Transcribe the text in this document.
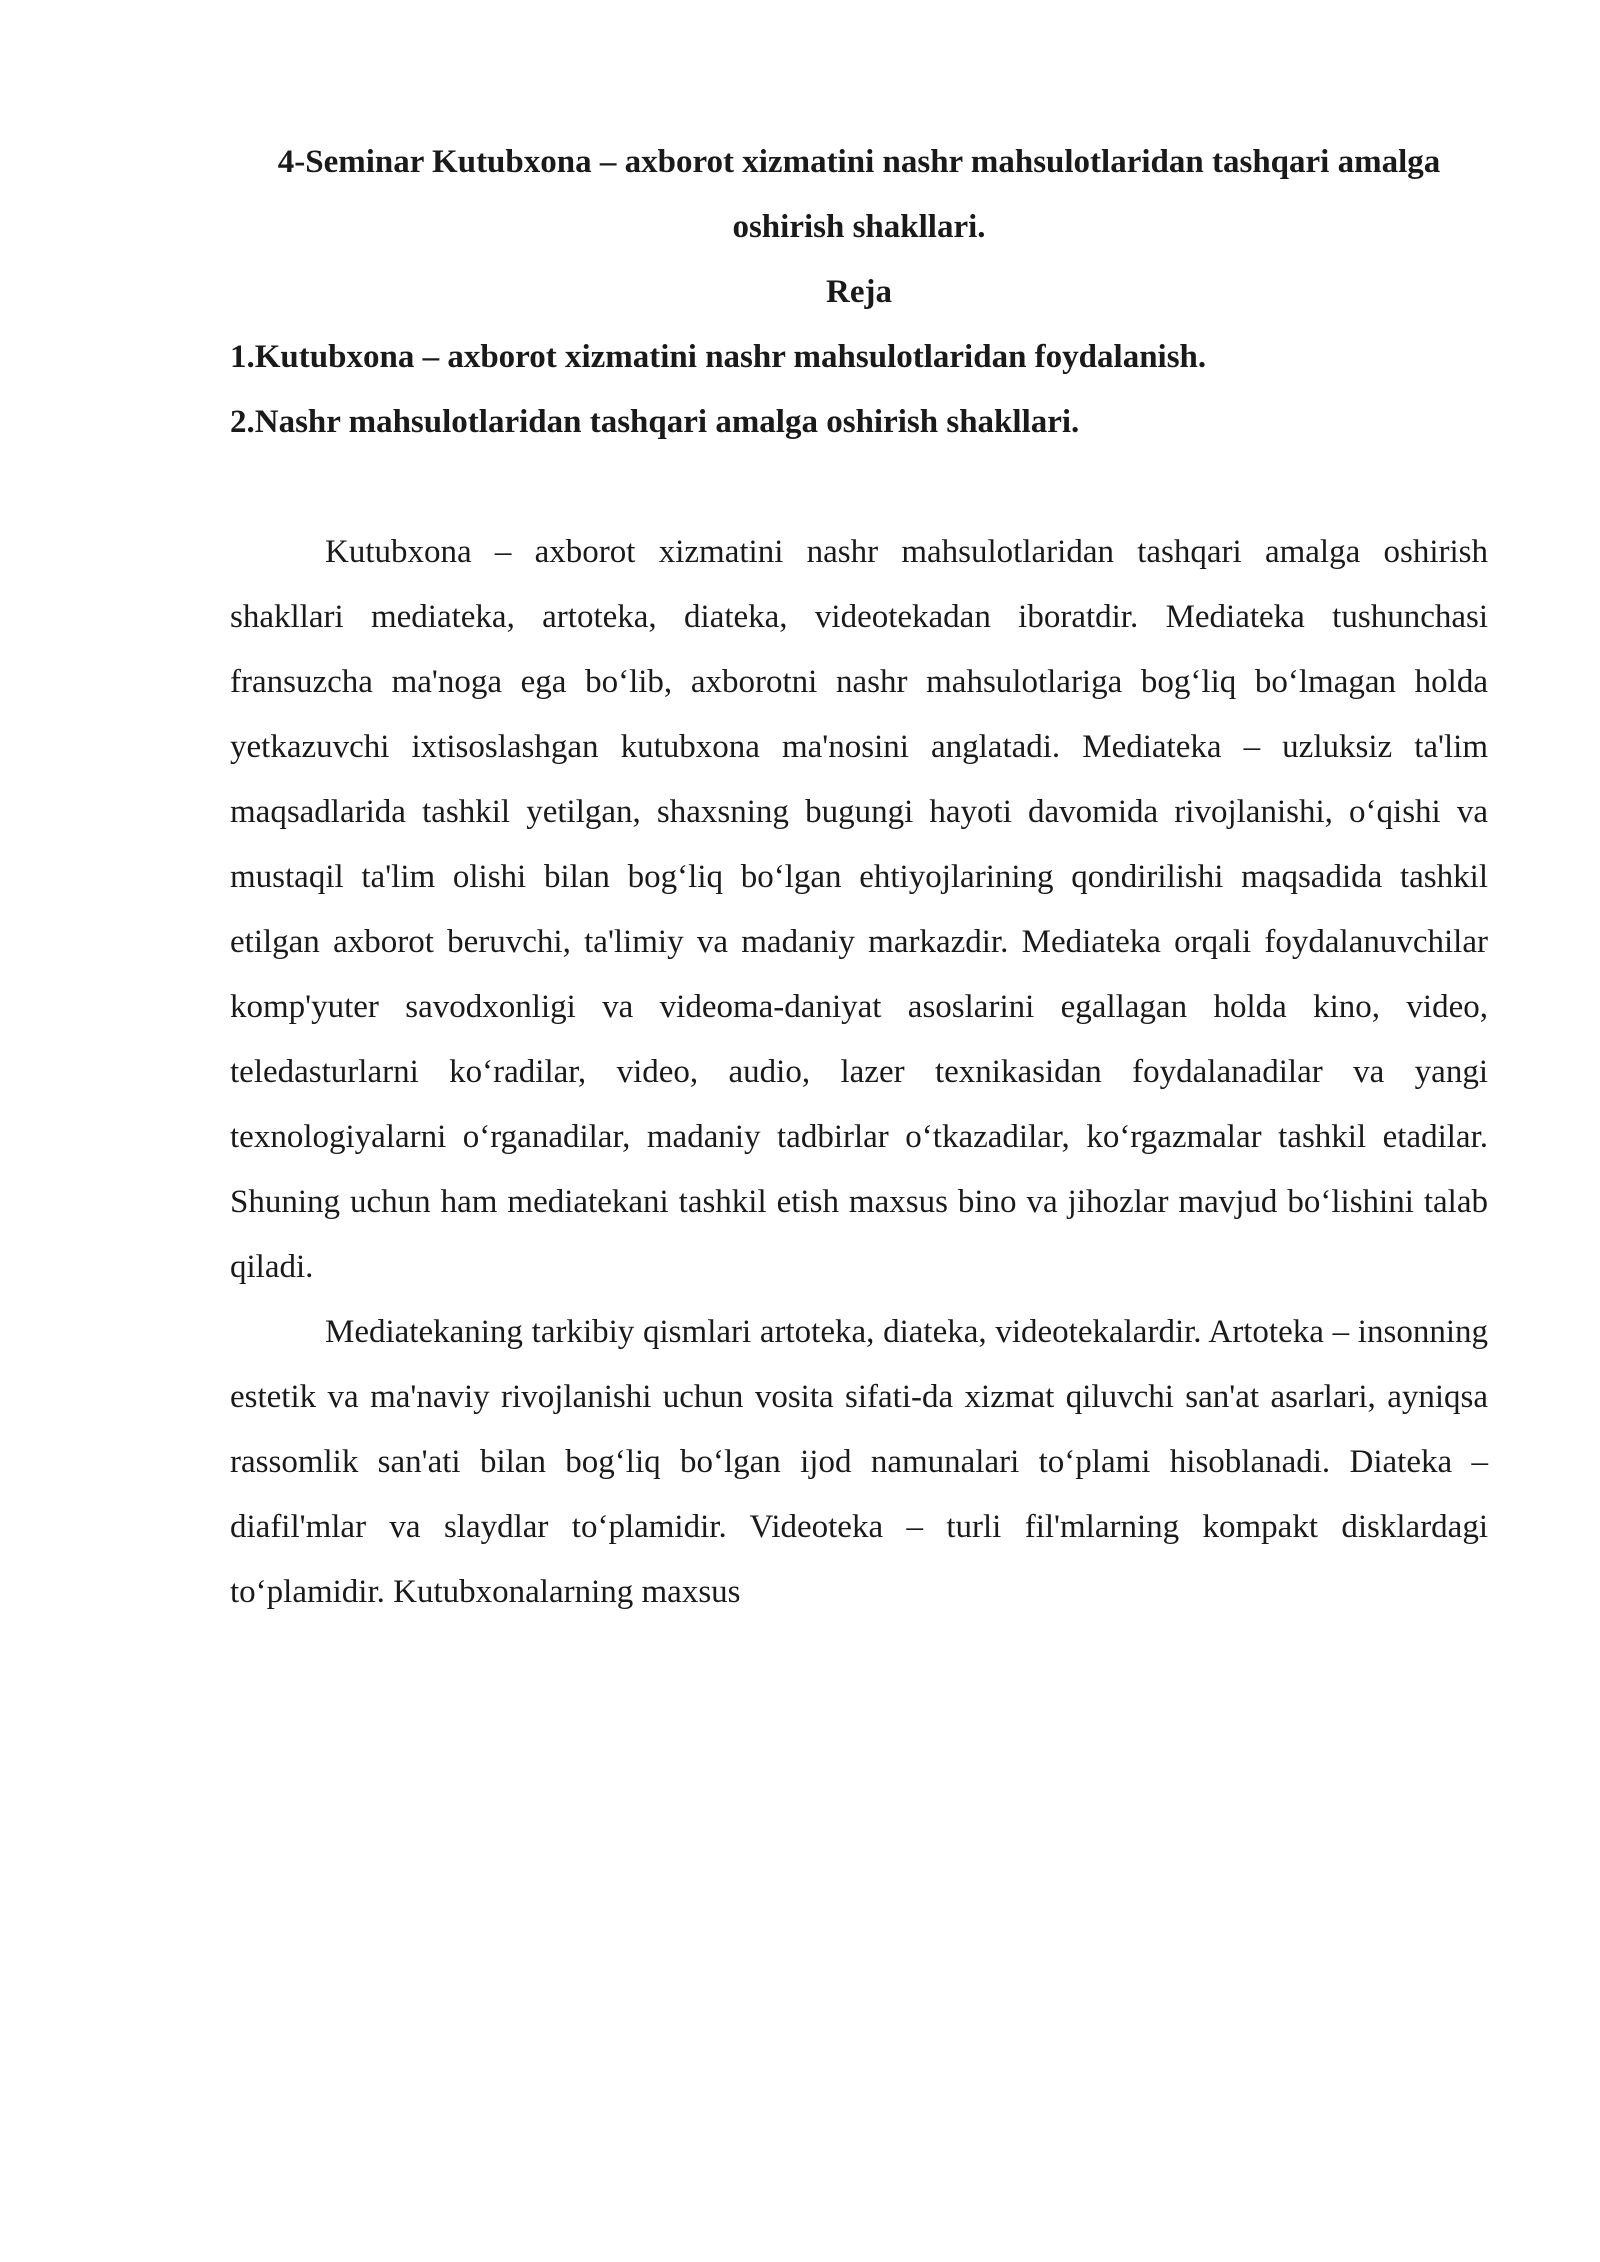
4-Seminar Kutubxona – axborot xizmatini nashr mahsulotlaridan tashqari amalga oshirish shakllari.

Reja

1.Kutubxona – axborot xizmatini nashr mahsulotlaridan foydalanish.
2.Nashr mahsulotlaridan tashqari amalga oshirish shakllari.

Kutubxona – axborot xizmatini nashr mahsulotlaridan tashqari amalga oshirish shakllari mediateka, artoteka, diateka, videotekadan iboratdir. Mediateka tushunchasi fransuzcha ma'noga ega bo‘lib, axborotni nashr mahsulotlariga bog‘liq bo‘lmagan holda yetkazuvchi ixtisoslashgan kutubxona ma'nosini anglatadi. Mediateka – uzluksiz ta'lim maqsadlarida tashkil yetilgan, shaxsning bugungi hayoti davomida rivojlanishi, o‘qishi va mustaqil ta'lim olishi bilan bog‘liq bo‘lgan ehtiyojlarining qondirilishi maqsadida tashkil etilgan axborot beruvchi, ta'limiy va madaniy markazdir. Mediateka orqali foydalanuvchilar komp'yuter savodxonligi va videoma-daniyat asoslarini egallagan holda kino, video, teledasturlarni ko‘radilar, video, audio, lazer texnikasidan foydalanadilar va yangi texnologiyalarni o‘rganadilar, madaniy tadbirlar o‘tkazadilar, ko‘rgazmalar tashkil etadilar. Shuning uchun ham mediatekani tashkil etish maxsus bino va jihozlar mavjud bo‘lishini talab qiladi.

Mediatekaning tarkibiy qismlari artoteka, diateka, videotekalardir. Artoteka – insonning estetik va ma'naviy rivojlanishi uchun vosita sifati-da xizmat qiluvchi san'at asarlari, ayniqsa rassomlik san'ati bilan bog‘liq bo‘lgan ijod namunalari to‘plami hisoblanadi. Diateka – diafil'mlar va slaydlar to‘plamidir. Videoteka – turli fil'mlarning kompakt disklardagi to‘plamidir. Kutubxonalarning maxsus
